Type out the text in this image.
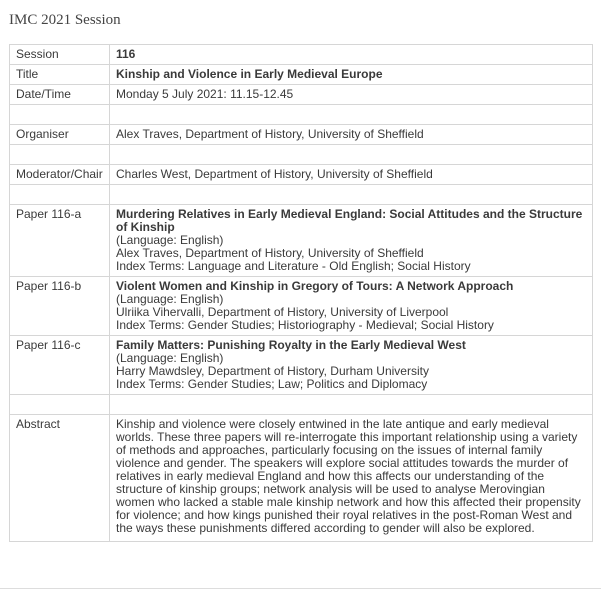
IMC 2021 Session
Session	116

Title	Kinship and Violence in Early Medieval Europe

Date/Time	Monday 5 July 2021: 11.15-12.45

Organiser	Alex Traves, Department of History, University of Sheffield

Moderator/Chair	Charles West, Department of History, University of Sheffield

Paper 116-a	Murdering Relatives in Early Medieval England: Social Attitudes and the Structure of Kinship
(Language: English)
Alex Traves, Department of History, University of Sheffield
Index Terms: Language and Literature - Old English; Social History

Paper 116-b	Violent Women and Kinship in Gregory of Tours: A Network Approach
(Language: English)
Ulriika Vihervalli, Department of History, University of Liverpool
Index Terms: Gender Studies; Historiography - Medieval; Social History

Paper 116-c	Family Matters: Punishing Royalty in the Early Medieval West
(Language: English)
Harry Mawdsley, Department of History, Durham University
Index Terms: Gender Studies; Law; Politics and Diplomacy

Abstract	Kinship and violence were closely entwined in the late antique and early medieval worlds. These three papers will re-interrogate this important relationship using a variety of methods and approaches, particularly focusing on the issues of internal family violence and gender. The speakers will explore social attitudes towards the murder of relatives in early medieval England and how this affects our understanding of the structure of kinship groups; network analysis will be used to analyse Merovingian women who lacked a stable male kinship network and how this affected their propensity for violence; and how kings punished their royal relatives in the post-Roman West and the ways these punishments differed according to gender will also be explored.
